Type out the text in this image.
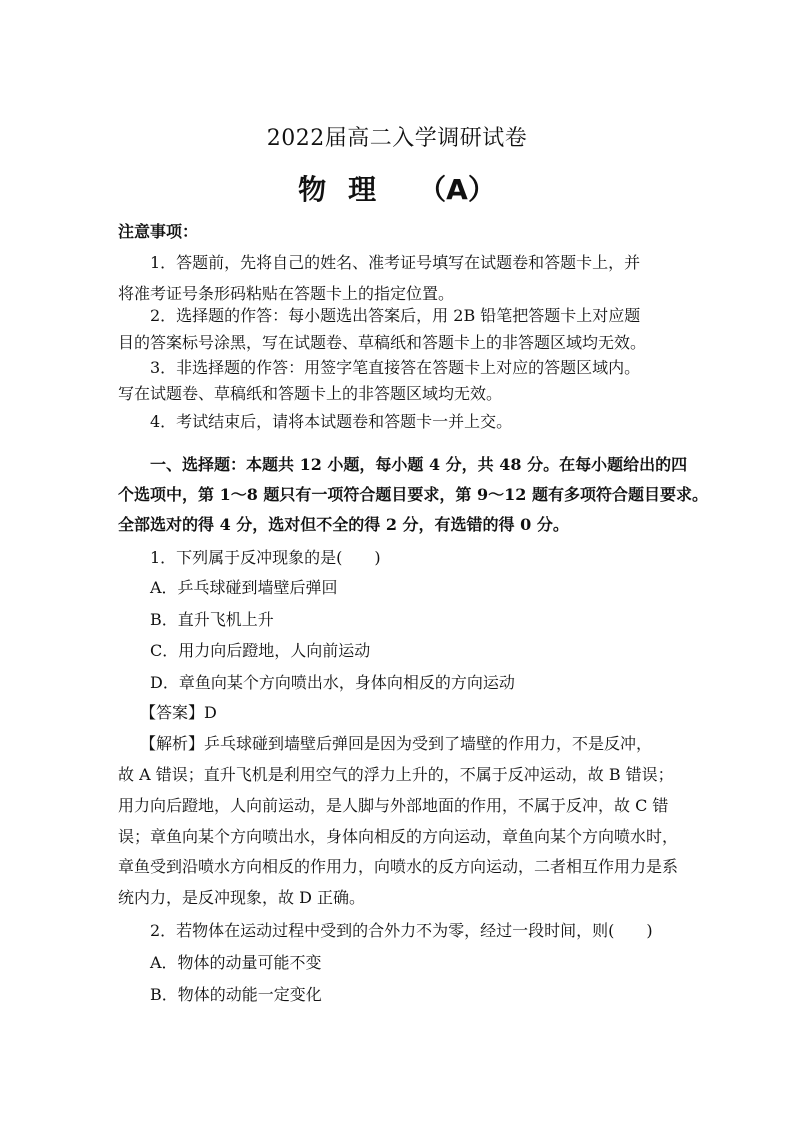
2022届高二入学调研试卷
物 理 （A）
注意事项：
1．答题前，先将自己的姓名、准考证号填写在试题卷和答题卡上，并
将准考证号条形码粘贴在答题卡上的指定位置。
2．选择题的作答：每小题选出答案后，用 2B 铅笔把答题卡上对应题
目的答案标号涂黑，写在试题卷、草稿纸和答题卡上的非答题区域均无效。
3．非选择题的作答：用签字笔直接答在答题卡上对应的答题区域内。
写在试题卷、草稿纸和答题卡上的非答题区域均无效。
4．考试结束后，请将本试题卷和答题卡一并上交。
一、选择题：本题共 12 小题，每小题 4 分，共 48 分。在每小题给出的四
个选项中，第 1～8 题只有一项符合题目要求，第 9～12 题有多项符合题目要求。
全部选对的得 4 分，选对但不全的得 2 分，有选错的得 0 分。
1．下列属于反冲现象的是(　　)
A．乒乓球碰到墙壁后弹回
B．直升飞机上升
C．用力向后蹬地，人向前运动
D．章鱼向某个方向喷出水，身体向相反的方向运动
【答案】D
【解析】乒乓球碰到墙壁后弹回是因为受到了墙壁的作用力，不是反冲，
故 A 错误；直升飞机是利用空气的浮力上升的，不属于反冲运动，故 B 错误；
用力向后蹬地，人向前运动，是人脚与外部地面的作用，不属于反冲，故 C 错
误；章鱼向某个方向喷出水，身体向相反的方向运动，章鱼向某个方向喷水时，
章鱼受到沿喷水方向相反的作用力，向喷水的反方向运动，二者相互作用力是系
统内力，是反冲现象，故 D 正确。
2．若物体在运动过程中受到的合外力不为零，经过一段时间，则(　　)
A．物体的动量可能不变
B．物体的动能一定变化
